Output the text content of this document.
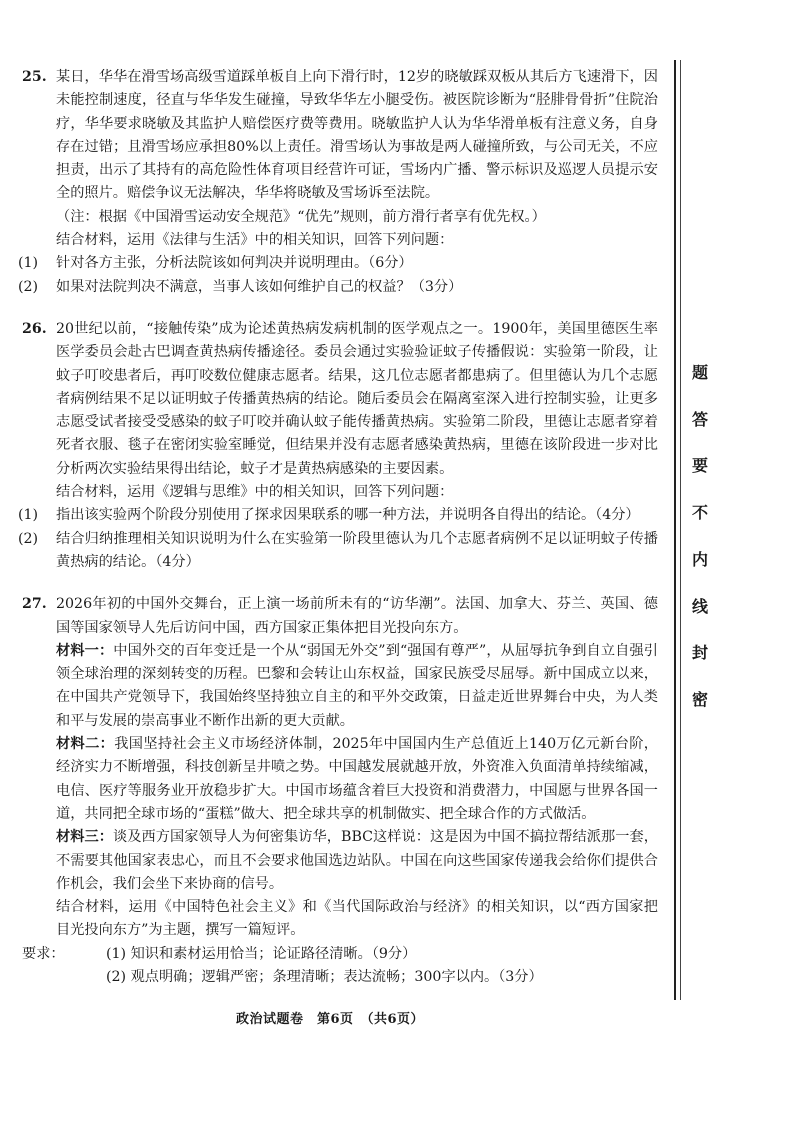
25. 某日，华华在滑雪场高级雪道踩单板自上向下滑行时，12岁的晓敏踩双板从其后方飞速滑下，因未能控制速度，径直与华华发生碰撞，导致华华左小腿受伤。被医院诊断为“胫腓骨骨折”住院治疗，华华要求晓敏及其监护人赔偿医疗费等费用。晓敏监护人认为华华滑单板有注意义务，自身存在过错；且滑雪场应承担80%以上责任。滑雪场认为事故是两人碰撞所致，与公司无关，不应担责，出示了其持有的高危险性体育项目经营许可证，雪场内广播、警示标识及巡逻人员提示安全的照片。赔偿争议无法解决，华华将晓敏及雪场诉至法院。
（注：根据《中国滑雪运动安全规范》“优先”规则，前方滑行者享有优先权。）
结合材料，运用《法律与生活》中的相关知识，回答下列问题：
(1)	针对各方主张，分析法院该如何判决并说明理由。（6分）
(2)	如果对法院判决不满意，当事人该如何维护自己的权益？（3分）
26. 20世纪以前，“接触传染”成为论述黄热病发病机制的医学观点之一。1900年，美国里德医生率医学委员会赴古巴调查黄热病传播途径。委员会通过实验验证蚊子传播假说：实验第一阶段，让蚊子叮咬患者后，再叮咬数位健康志愿者。结果，这几位志愿者都患病了。但里德认为几个志愿者病例结果不足以证明蚊子传播黄热病的结论。随后委员会在隔离室深入进行控制实验，让更多志愿受试者接受受感染的蚊子叮咬并确认蚊子能传播黄热病。实验第二阶段，里德让志愿者穿着死者衣服、毯子在密闭实验室睡觉，但结果并没有志愿者感染黄热病，里德在该阶段进一步对比分析两次实验结果得出结论，蚊子才是黄热病感染的主要因素。
结合材料，运用《逻辑与思维》中的相关知识，回答下列问题：
(1)	指出该实验两个阶段分别使用了探求因果联系的哪一种方法，并说明各自得出的结论。（4分）
(2)	结合归纳推理相关知识说明为什么在实验第一阶段里德认为几个志愿者病例不足以证明蚊子传播黄热病的结论。（4分）
27. 2026年初的中国外交舞台，正上演一场前所未有的“访华潮”。法国、加拿大、芬兰、英国、德国等国家领导人先后访问中国，西方国家正集体把目光投向东方。
材料一：中国外交的百年变迁是一个从“弱国无外交”到“强国有尊严”，从屈辱抗争到自立自强引领全球治理的深刻转变的历程。巴黎和会转让山东权益，国家民族受尽屈辱。新中国成立以来，在中国共产党领导下，我国始终坚持独立自主的和平外交政策，日益走近世界舞台中央，为人类和平与发展的崇高事业不断作出新的更大贡献。
材料二：我国坚持社会主义市场经济体制，2025年中国国内生产总值近上140万亿元新台阶，经济实力不断增强，科技创新呈井喷之势。中国越发展就越开放，外资准入负面清单持续缩减，电信、医疗等服务业开放稳步扩大。中国市场蕴含着巨大投资和消费潜力，中国愿与世界各国一道，共同把全球市场的“蛋糕”做大、把全球共享的机制做实、把全球合作的方式做活。
材料三：谈及西方国家领导人为何密集访华，BBC这样说：这是因为中国不搞拉帮结派那一套，不需要其他国家表忠心，而且不会要求他国选边站队。中国在向这些国家传递我会给你们提供合作机会，我们会坐下来协商的信号。
结合材料，运用《中国特色社会主义》和《当代国际政治与经济》的相关知识，以“西方国家把目光投向东方”为主题，撰写一篇短评。
要求：	(1) 知识和素材运用恰当；论证路径清晰。（9分）
(2) 观点明确；逻辑严密；条理清晰；表达流畅；300字以内。（3分）
政治试题卷　第6页　（共6页）
题
答
要
不
内
线
封
密
